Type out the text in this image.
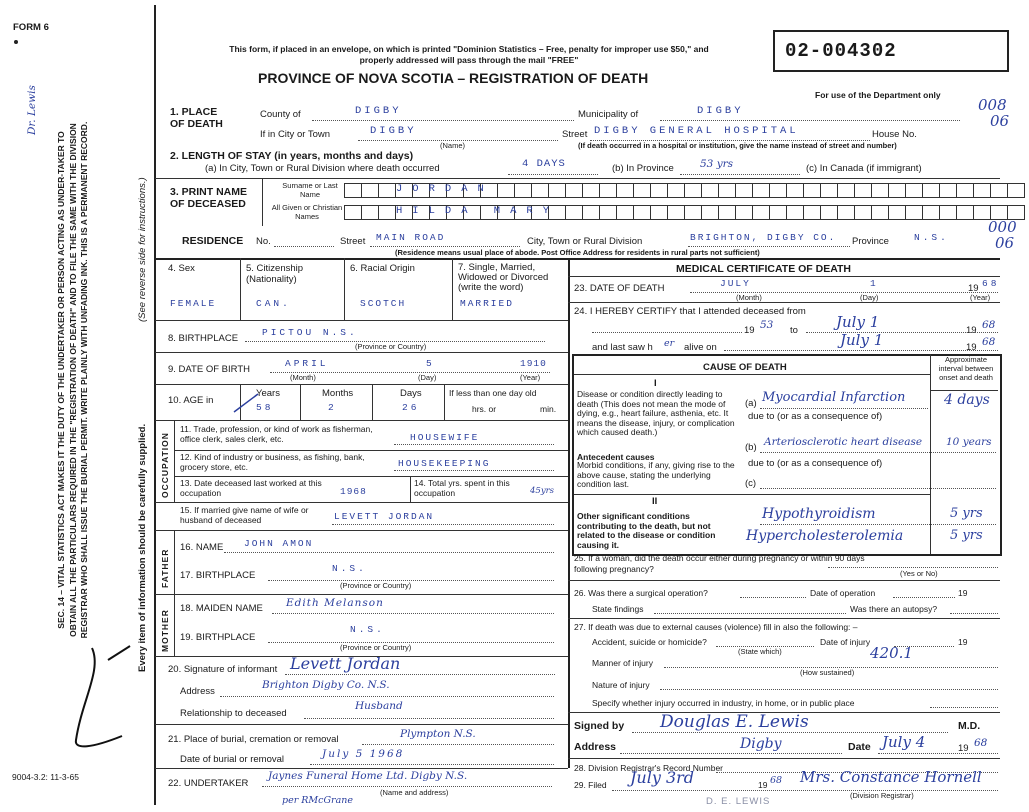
FORM 6
Dr. Lewis
SEC. 14 – VITAL STATISTICS ACT MAKES IT THE DUTY OF THE UNDERTAKER OR PERSON ACTING AS UNDER-TAKER TO OBTAIN ALL THE PARTICULARS REQUIRED IN THE "REGISTRATION OF DEATH" AND TO FILE THE SAME WITH THE DIVISION REGISTRAR WHO SHALL ISSUE THE BURIAL PERMIT. WRITE PLAINLY WITH UNFADING INK. THIS IS A PERMANENT RECORD.	Every item of information should be carefully supplied.
(See reverse side for instructions.)
9004-3.2: 11-3-65
This form, if placed in an envelope, on which is printed "Dominion Statistics – Free, penalty for improper use $50," and properly addressed will pass through the mail "FREE"
PROVINCE OF NOVA SCOTIA – REGISTRATION OF DEATH
02-004302
For use of the Department only
008
06
000
06
1. PLACE OF DEATH
County of	DIGBY	Municipality of	DIGBY
If in City or Town	DIGBY
(Name)
Street DIGBY GENERAL HOSPITAL	House No.
(If death occurred in a hospital or institution, give the name instead of street and number)
2. LENGTH OF STAY (in years, months and days)
(a) In City, Town or Rural Division where death occurred	4 DAYS	(b) In Province 53 yrs	(c) In Canada (if immigrant)
3. PRINT NAME OF DECEASED
Surname or Last Name
All Given or Christian Names
JORDAN
HILDA MARY
RESIDENCE No.	Street MAIN ROAD	City, Town or Rural Division	BRIGHTON, DIGBY CO. Province	N.S.
(Residence means usual place of abode. Post Office Address for residents in rural parts not sufficient)
4. Sex	5. Citizenship (Nationality)
6. Racial Origin	7. Single, Married, Widowed or Divorced (write the word)
FEMALE	CAN.	SCOTCH	MARRIED
8. BIRTHPLACE
PICTOU N.S.
(Province or Country)
9. DATE OF BIRTH
APRIL	5	1910
(Month)	(Day)	(Year)
10. AGE in
Years	Months	Days	If less than one day old
58	2	26	hrs. or	min.
OCCUPATION
11. Trade, profession, or kind of work as fisherman, office clerk, sales clerk, etc.	HOUSEWIFE
12. Kind of industry or business, as fishing, bank, grocery store, etc.	HOUSEKEEPING
13. Date deceased last worked at this occupation	1968
14. Total yrs. spent in this occupation	45yrs
15. If married give name of wife or husband of deceased	LEVETT JORDAN
FATHER
16. NAME JOHN AMON
17. BIRTHPLACE
N.S.
(Province or Country)
MOTHER
18. MAIDEN NAME Edith Melanson
19. BIRTHPLACE
N.S.
(Province or Country)
20. Signature of informant Levett Jordan
Address
Brighton Digby Co. N.S.
Relationship to deceased
Husband
21. Place of burial, cremation or removal	Plympton N.S.
Date of burial or removal	July 5 1968
22. UNDERTAKER
Jaynes Funeral Home Ltd. Digby N.S.
per RMcGrane
(Name and address)
MEDICAL CERTIFICATE OF DEATH
23. DATE OF DEATH	JULY	1	19 68
(Month)	(Day)	(Year)
24. I HEREBY CERTIFY that I attended deceased from
19 53 to	July 1	19 68
and last saw h er alive on	July 1	19 68
CAUSE OF DEATH
Approximate interval between onset and death
I
Disease or condition directly leading to death (This does not mean the mode of dying, e.g., heart failure, asthenia, etc. It means the disease, injury, or complication which caused death.)
(a) Myocardial Infarction	4 days
due to (or as a consequence of)
Antecedent causes
Morbid conditions, if any, giving rise to the above cause, stating the underlying condition last.
(b) Arteriosclerotic heart disease 10 years
due to (or as a consequence of)
(c)
II
Other significant conditions contributing to the death, but not related to the disease or condition causing it.
Hypothyroidism	5 yrs
Hypercholesterolemia	5 yrs
25. If a woman, did the death occur either during pregnancy or within 90 days following pregnancy?	(Yes or No)
26. Was there a surgical operation?	Date of operation	19
State findings	Was there an autopsy?
27. If death was due to external causes (violence) fill in also the following: –
Accident, suicide or homicide?
(State which)
Date of injury	19
Manner of injury
420.1
(How sustained)
Nature of injury
Specify whether injury occurred in industry, in home, or in public place
Signed by Douglas E. Lewis	M.D.
Address	Digby	Date July 4	19 68
28. Division Registrar's Record Number
29. Filed July 3rd	19 68 Mrs. Constance Hornell
(Division Registrar)
D. E. LEWIS
